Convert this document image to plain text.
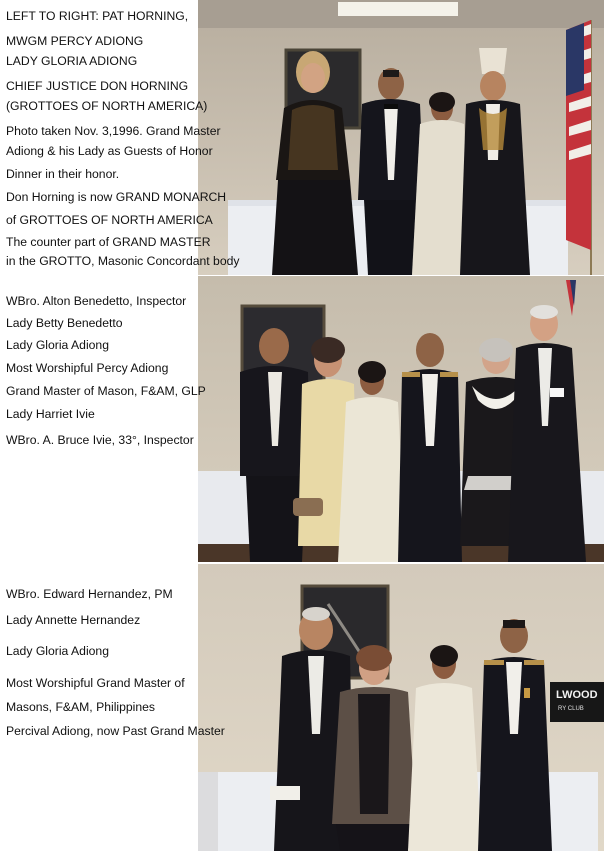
LEFT TO RIGHT: PAT HORNING,
MWGM PERCY ADIONG
LADY GLORIA ADIONG
CHIEF JUSTICE DON HORNING
(GROTTOES OF NORTH AMERICA)
Photo taken Nov. 3,1996. Grand Master
Adiong & his Lady as Guests of Honor
Dinner in their honor.
Don Horning is now GRAND MONARCH
of GROTTOES OF NORTH AMERICA
The counter part of GRAND MASTER
in the GROTTO, Masonic Concordant body
WBro. Alton Benedetto, Inspector
Lady Betty Benedetto
Lady Gloria Adiong
Most Worshipful Percy Adiong
Grand Master of Mason, F&AM, GLP
Lady Harriet Ivie
WBro. A. Bruce Ivie, 33°, Inspector
WBro. Edward Hernandez, PM
Lady Annette Hernandez
Lady Gloria Adiong
Most Worshipful Grand Master of
Masons, F&AM, Philippines
Percival Adiong, now Past Grand Master
LWOOD
RY CLUB
